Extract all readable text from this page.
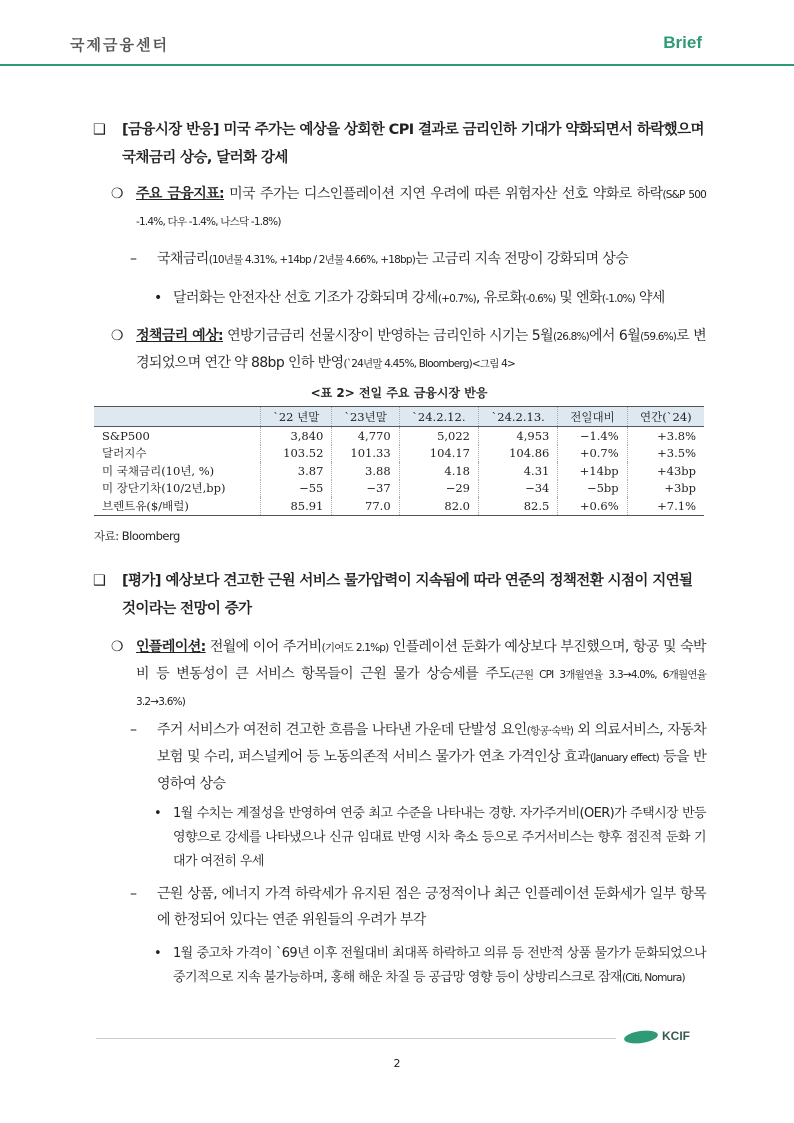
국제금융센터	Brief
❑	[금융시장 반응] 미국 주가는 예상을 상회한 CPI 결과로 금리인하 기대가 약화되면서 하락했으며 국채금리 상승, 달러화 강세
❍ 주요 금융지표: 미국 주가는 디스인플레이션 지연 우려에 따른 위험자산 선호 약화로 하락(S&P 500 -1.4%, 다우 -1.4%, 나스닥 -1.8%)
–	국채금리(10년물 4.31%, +14bp / 2년물 4.66%, +18bp)는 고금리 지속 전망이 강화되며 상승
• 달러화는 안전자산 선호 기조가 강화되며 강세(+0.7%), 유로화(-0.6%) 및 엔화(-1.0%) 약세
❍ 정책금리 예상: 연방기금금리 선물시장이 반영하는 금리인하 시기는 5월(26.8%)에서 6월(59.6%)로 변경되었으며 연간 약 88bp 인하 반영(`24년말 4.45%, Bloomberg)<그림 4>
<표 2> 전일 주요 금융시장 반응
	`22 년말	`23년말	`24.2.12.	`24.2.13.	전일대비	연간(`24)
S&P500	3,840	4,770	5,022	4,953	−1.4%	+3.8%
달러지수	103.52	101.33	104.17	104.86	+0.7%	+3.5%
미 국채금리(10년, %)	3.87	3.88	4.18	4.31	+14bp	+43bp
미 장단기차(10/2년,bp)	−55	−37	−29	−34	−5bp	+3bp
브렌트유($/배럴)	85.91	77.0	82.0	82.5	+0.6%	+7.1%
자료: Bloomberg
❑	[평가] 예상보다 견고한 근원 서비스 물가압력이 지속됨에 따라 연준의 정책전환 시점이 지연될 것이라는 전망이 증가
❍ 인플레이션: 전월에 이어 주거비(기여도 2.1%p) 인플레이션 둔화가 예상보다 부진했으며, 항공 및 숙박비 등 변동성이 큰 서비스 항목들이 근원 물가 상승세를 주도(근원 CPI 3개월연율 3.3→4.0%, 6개월연율 3.2→3.6%)
–	주거 서비스가 여전히 견고한 흐름을 나타낸 가운데 단발성 요인(항공·숙박) 외 의료서비스, 자동차보험 및 수리, 퍼스널케어 등 노동의존적 서비스 물가가 연초 가격인상 효과(January effect) 등을 반영하여 상승
• 1월 수치는 계절성을 반영하여 연중 최고 수준을 나타내는 경향. 자가주거비(OER)가 주택시장 반등 영향으로 강세를 나타냈으나 신규 임대료 반영 시차 축소 등으로 주거서비스는 향후 점진적 둔화 기대가 여전히 우세
–	근원 상품, 에너지 가격 하락세가 유지된 점은 긍정적이나 최근 인플레이션 둔화세가 일부 항목에 한정되어 있다는 연준 위원들의 우려가 부각
• 1월 중고차 가격이 `69년 이후 전월대비 최대폭 하락하고 의류 등 전반적 상품 물가가 둔화되었으나 중기적으로 지속 불가능하며, 홍해 해운 차질 등 공급망 영향 등이 상방리스크로 잠재(Citi, Nomura)
KCIF
2
